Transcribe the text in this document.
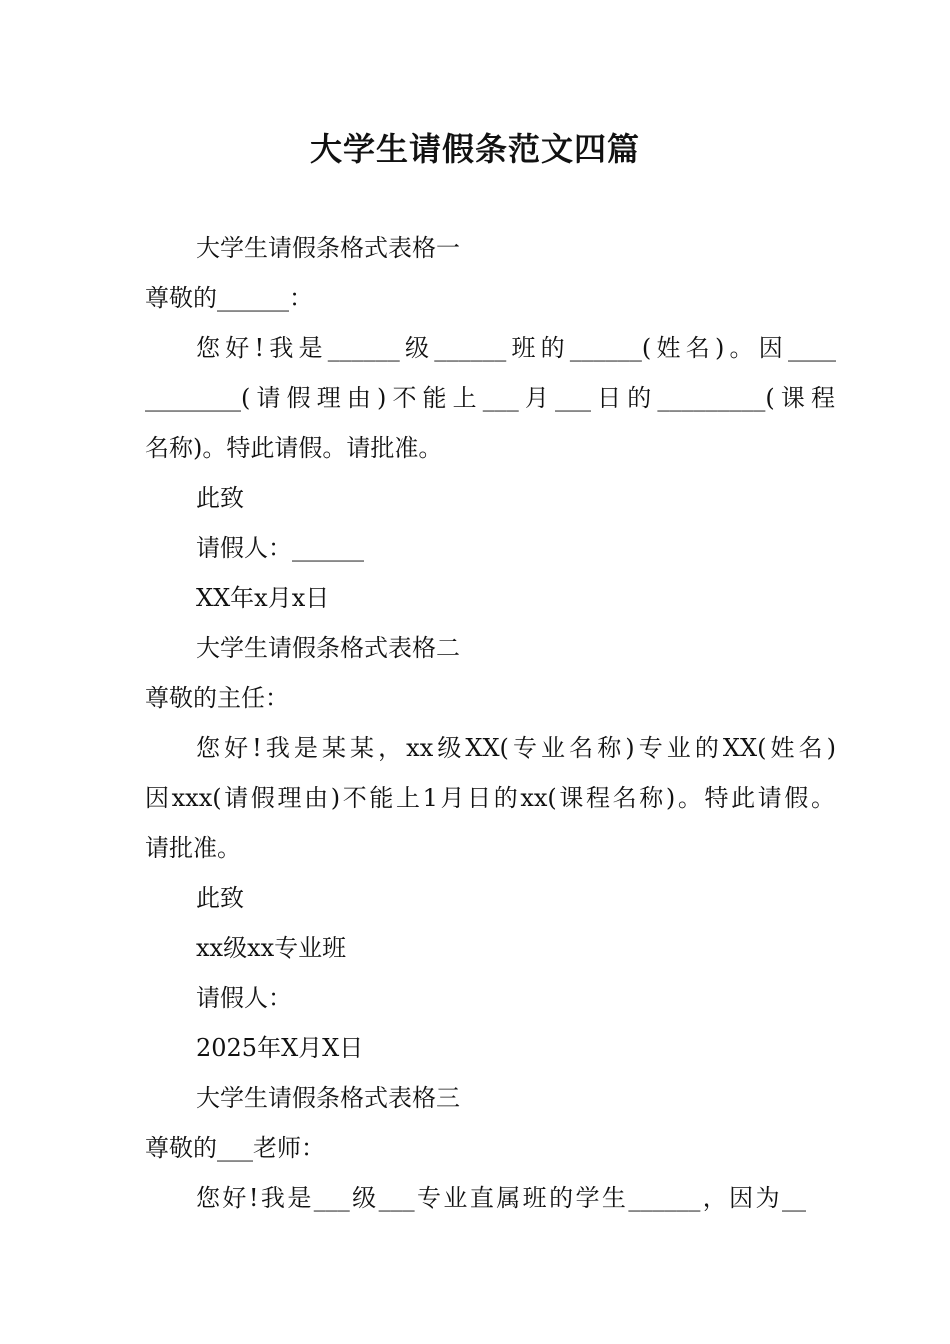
大学生请假条范文四篇
大学生请假条格式表格一
尊敬的______：
您好!我是______级______班的______(姓名)。因____
________(请假理由)不能上___月___日的_________(课程
名称)。特此请假。请批准。
此致
请假人：______
XX年x月x日
大学生请假条格式表格二
尊敬的主任：
您好!我是某某，xx级XX(专业名称)专业的XX(姓名)
因xxx(请假理由)不能上1月日的xx(课程名称)。特此请假。
请批准。
此致
xx级xx专业班
请假人：
2025年X月X日
大学生请假条格式表格三
尊敬的___老师：
您好!我是___级___专业直属班的学生______，因为__
